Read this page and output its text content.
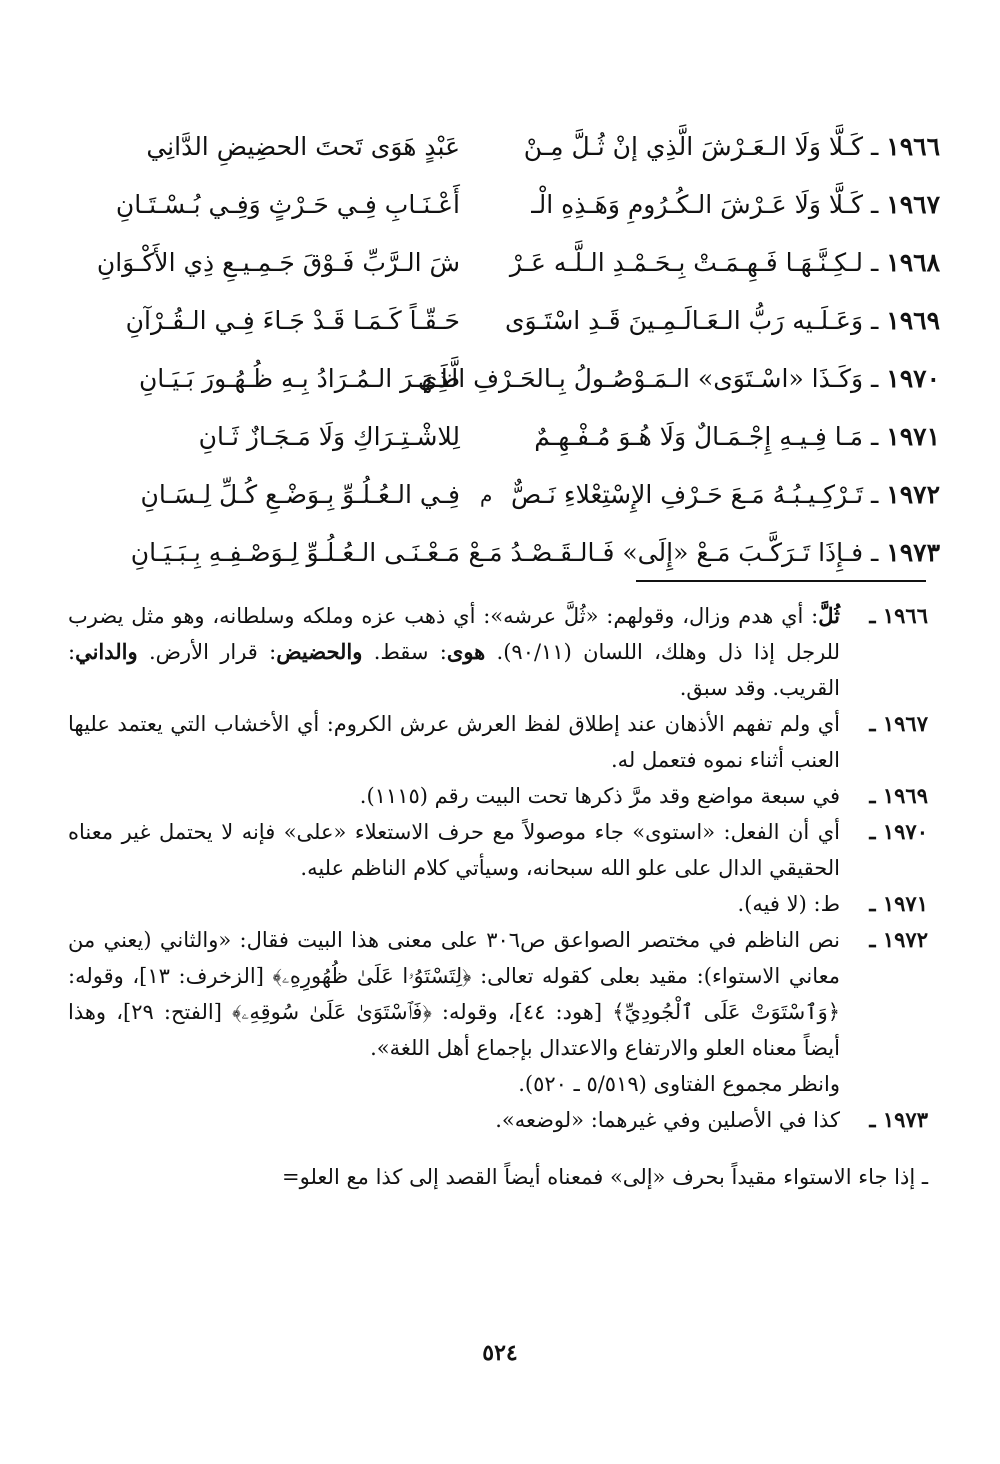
١٩٦٦ ـ كَـلَّا وَلَا الـعَـرْشَ الَّذِي إنْ ثُـلَّ مِـنْ
عَبْدٍ هَوَى تَحتَ الحضِيضِ الدَّانِي
١٩٦٧ ـ كَـلَّا وَلَا عَـرْشَ الـكُـرُومِ وَهَـذِهِ الْـ
أَعْـنَـابِ فِـي حَـرْثٍ وَفِـي بُـسْـتَـانِ
١٩٦٨ ـ لـكِـنَّـهَـا فَـهِـمَـتْ بِـحَـمْـدِ الـلَّـه عَـرْ
شَ الـرَّبِّ فَـوْقَ جَـمِـيـعِ ذِي الأَكْـوَانِ
١٩٦٩ ـ وَعَـلَـيه رَبُّ الـعَـالَـمِـينَ قَـدِ اسْتَـوَى
حَـقّـاً كَـمَـا قَـدْ جَـاءَ فِـي الـقُـرْآنِ
١٩٧٠ ـ وَكَـذَا «اسْـتَوَى» الـمَـوْصُـولُ بِـالحَـرْفِ الَّذِي
ظَـهَـرَ الـمُـرَادُ بِـهِ ظُـهُـورَ بَـيَـانِ
١٩٧١ ـ مَـا فِـيـهِ إِجْـمَـالٌ وَلَا هُـوَ مُـفْـهِـمٌ
لِلاشْـتِـرَاكِ وَلَا مَـجَـازٌ ثَـانِ
١٩٧٢ ـ تَـرْكِـيـبُـهُ مَـعَ حَـرْفِ الإِسْتِعْلاءِ نَـصٌّ
م
فِـي الـعُـلُـوِّ بِـوَضْـعِ كُـلِّ لِـسَـانِ
١٩٧٣ ـ فـإِذَا تَـرَكَّـبَ مَـعْ «إِلَى» فَـالـقَـصْـدُ مَـعْ
مَـعْـنَـى الـعُـلُـوِّ لِـوَصْـفِـهِ بِـبَـيَـانِ
١٩٦٦ ـ

ثُلَّ: أي هدم وزال، وقولهم: «ثُلَّ عرشه»: أي ذهب عزه وملكه وسلطانه، وهو مثل يضرب للرجل إذا ذل وهلك، اللسان (٩٠/١١). هوى: سقط. والحضيض: قرار الأرض. والداني: القريب. وقد سبق.

١٩٦٧ ـ

أي ولم تفهم الأذهان عند إطلاق لفظ العرش عرش الكروم: أي الأخشاب التي يعتمد عليها العنب أثناء نموه فتعمل له.

١٩٦٩ ـ

في سبعة مواضع وقد مرَّ ذكرها تحت البيت رقم (١١١٥).

١٩٧٠ ـ

أي أن الفعل: «استوى» جاء موصولاً مع حرف الاستعلاء «على» فإنه لا يحتمل غير معناه الحقيقي الدال على علو الله سبحانه، وسيأتي كلام الناظم عليه.

١٩٧١ ـ

ط: (لا فيه).

١٩٧٢ ـ

نص الناظم في مختصر الصواعق ص٣٠٦ على معنى هذا البيت فقال: «والثاني (يعني من معاني الاستواء): مقيد بعلى كقوله تعالى: ﴿لِتَسْتَوُۥا عَلَىٰ ظُهُورِهِۦ﴾ [الزخرف: ١٣]، وقوله: ﴿وَٱسْتَوَتْ عَلَى ٱلْجُودِيِّ﴾ [هود: ٤٤]، وقوله: ﴿فَٱسْتَوَىٰ عَلَىٰ سُوقِهِۦ﴾ [الفتح: ٢٩]، وهذا أيضاً معناه العلو والارتفاع والاعتدال بإجماع أهل اللغة».

وانظر مجموع الفتاوى (٥/٥١٩ ـ ٥٢٠).

١٩٧٣ ـ

كذا في الأصلين وفي غيرهما: «لوضعه».

ـ إذا جاء الاستواء مقيداً بحرف «إلى» فمعناه أيضاً القصد إلى كذا مع العلو=

٥٢٤
